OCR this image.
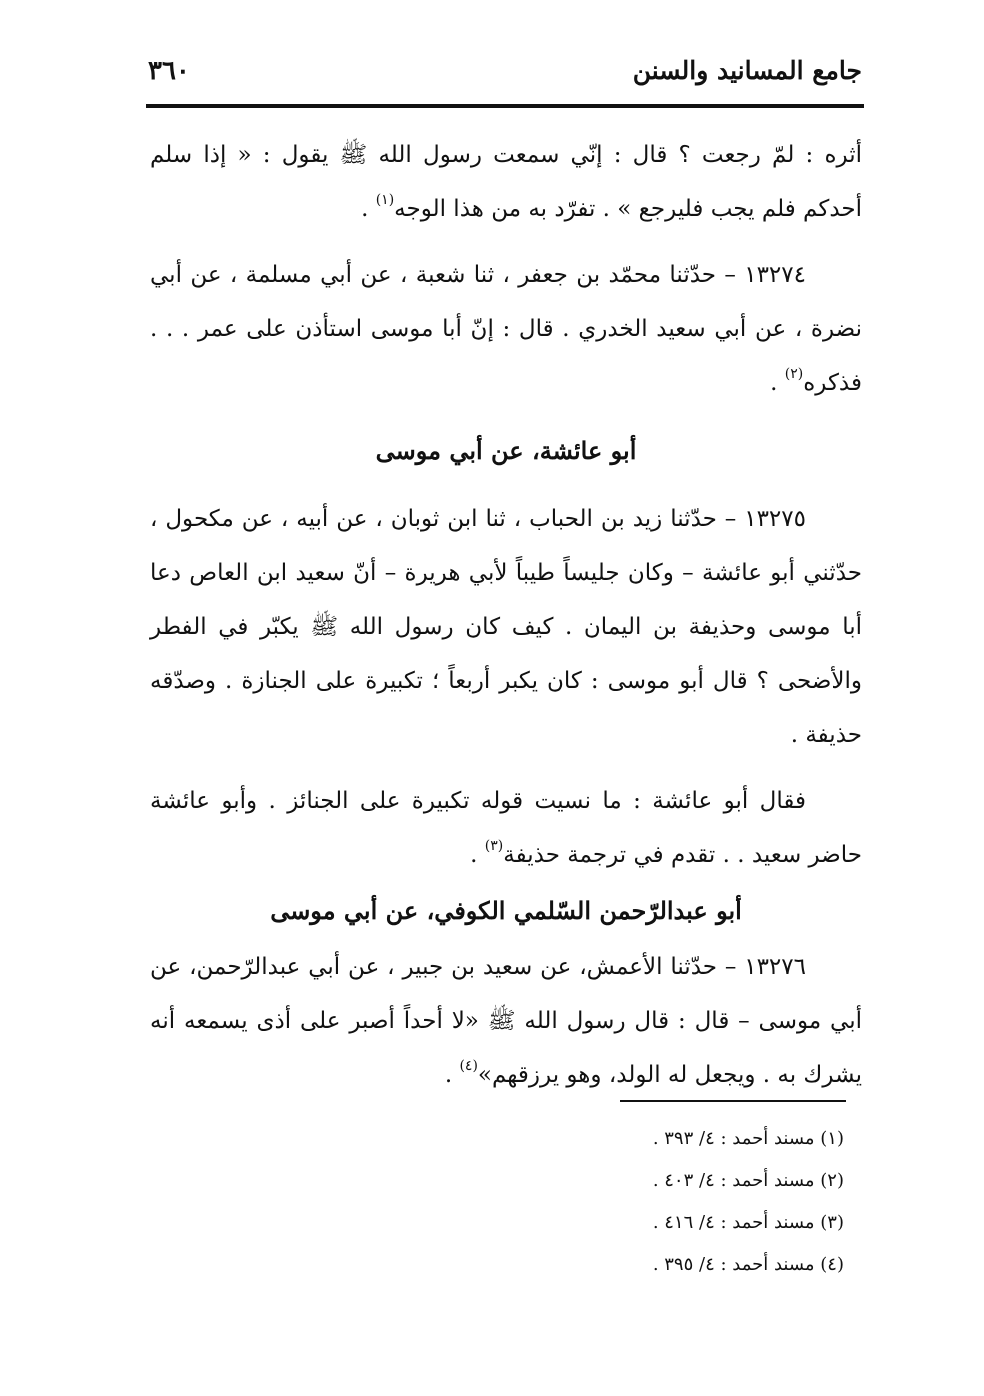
جامع المسانيد والسنن
٣٦٠

أثره : لمّ رجعت ؟ قال : إنّي سمعت رسول الله ﷺ يقول : « إذا سلم أحدكم فلم يجب فليرجع » . تفرّد به من هذا الوجه$^{(١)}$ .

١٣٢٧٤ – حدّثنا محمّد بن جعفر ، ثنا شعبة ، عن أبي مسلمة ، عن أبي نضرة ، عن أبي سعيد الخدري . قال : إنّ أبا موسى استأذن على عمر . . . فذكره$^{(٢)}$ .

أبو عائشة، عن أبي موسى

١٣٢٧٥ – حدّثنا زيد بن الحباب ، ثنا ابن ثوبان ، عن أبيه ، عن مكحول ، حدّثني أبو عائشة – وكان جليساً طيباً لأبي هريرة – أنّ سعيد ابن العاص دعا أبا موسى وحذيفة بن اليمان . كيف كان رسول الله ﷺ يكبّر في الفطر والأضحى ؟ قال أبو موسى : كان يكبر أربعاً ؛ تكبيرة على الجنازة . وصدّقه حذيفة .

فقال أبو عائشة : ما نسيت قوله تكبيرة على الجنائز . وأبو عائشة حاضر سعيد . . تقدم في ترجمة حذيفة$^{(٣)}$ .

أبو عبدالرّحمن السّلمي الكوفي، عن أبي موسى

١٣٢٧٦ – حدّثنا الأعمش، عن سعيد بن جبير ، عن أبي عبدالرّحمن، عن أبي موسى – قال : قال رسول الله ﷺ «لا أحداً أصبر على أذى يسمعه أنه يشرك به . ويجعل له الولد، وهو يرزقهم»$^{(٤)}$ .

(١) مسند أحمد : ٤/ ٣٩٣ .
(٢) مسند أحمد : ٤/ ٤٠٣ .
(٣) مسند أحمد : ٤/ ٤١٦ .
(٤) مسند أحمد : ٤/ ٣٩٥ .
